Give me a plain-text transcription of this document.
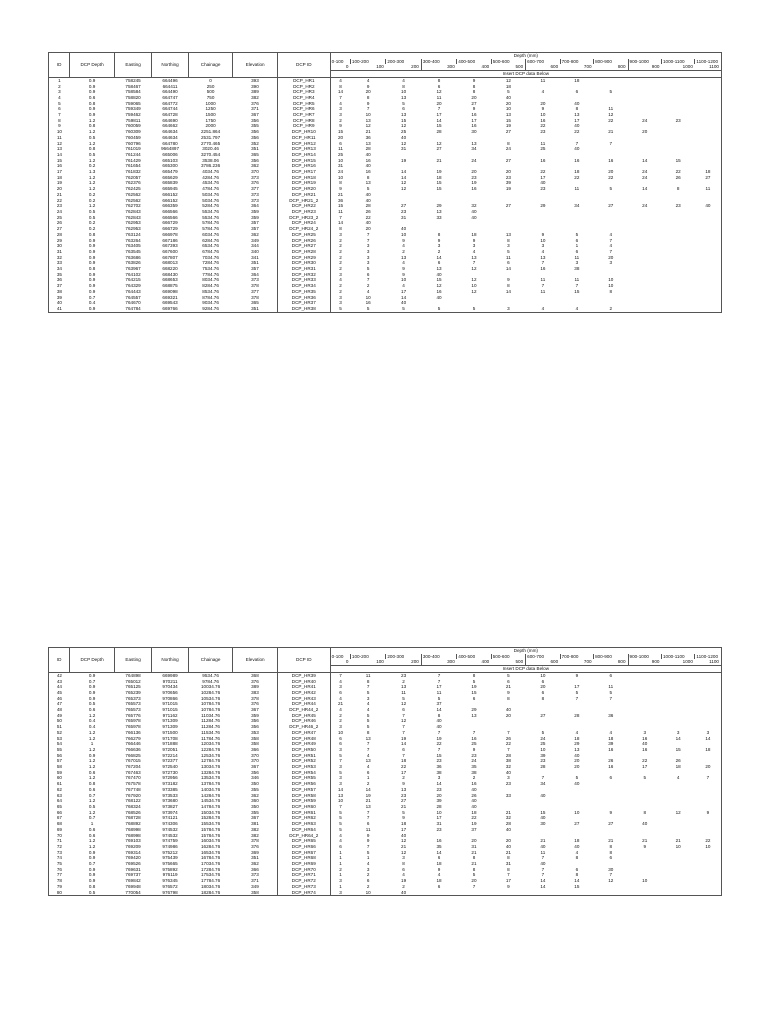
ID	DCP Depth	Easting	Northing	Chainage	Elevation	DCP ID	Depth (mm)											
							0-100	100-200	200-300	300-400	400-500	500-600	600-700	700-800	800-900	900-1000	1000-1100	1100-1200
							0	100	200	300	400	500	600	700	800	900	1000	1100
							Insert DCP data Below											
1	0.9	758245	664496	0	393	DCP_HR1	4	4	4	8	9	12	11	18				
2	0.9	758467	664411	250	390	DCP_HR2	8	9	8	6	8	18						
3	0.9	758584	664490	500	389	DCP_HR3	14	20	10	12	8	5	4	6	5			
4	0.6	758820	664747	750	382	DCP_HR4	7	8	13	11	20	40						
5	0.8	759065	664772	1000	376	DCP_HR5	4	9	5	20	27	20	20	40				
6	0.9	759349	664744	1250	371	DCP_HR6	3	7	6	7	9	10	9	8	11			
7	0.9	759462	664728	1500	367	DCP_HR7	3	10	13	17	16	13	10	13	12			
8	1.2	759811	664690	1750	356	DCP_HR8	2	13	15	14	17	15	16	17	22	24	23	
9	0.8	760059	664662	2000	355	DCP_HR9	9	12	12	15	16	19	22	40				
10	1.2	760309	664634	2251.864	356	DCP_HR10	15	21	25	28	30	27	23	22	21	20		
11	0.5	760459	664634	2531.797	356	DCP_HR11	20	36	40									
12	1.2	760796	664780	2770.465	352	DCP_HR12	6	13	12	12	13	8	11	7	7			
13	0.8	761019	9664897	3020.46	351	DCP_HR13	11	28	31	27	34	24	25	40				
14	0.5	761244	665006	3270.454	365	DCP_HR14	25	40										
15	1.2	761429	665103	3538.06	356	DCP_HR15	10	16	19	21	24	27	16	16	16	14	15	
16	0.2	761654	665300	3786.236	362	DCP_HR16	31	40										
17	1.3	761832	665479	4034.76	370	DCP_HR17	24	16	14	19	20	20	22	18	20	24	22	18
18	1.2	762057	665629	4284.76	373	DCP_HR18	10	8	14	18	23	23	17	22	22	24	26	27
19	1.2	762376	665839	4534.76	376	DCP_HR19	8	13	12	15	19	39	40					
20	1.2	762425	665945	4784.76	377	DCP_HR20	9	5	12	15	16	19	23	11	5	14	8	11
21	0.2	762562	666152	5034.76	373	DCP_HR21	21	40										
22	0.2	762562	666152	5034.76	373	DCP_HR21_2	36	40										
23	1.2	762702	666359	5284.76	364	DCP_HR22	15	28	27	29	32	27	29	34	27	24	23	40
24	0.5	762843	666566	5534.76	359	DCP_HR23	11	26	23	13	40							
25	0.5	762843	666566	5534.76	359	DCP_HR23_2	7	22	31	33	40							
26	0.2	762953	666729	5784.76	357	DCP_HR24	14	40										
27	0.2	762953	666729	5784.76	357	DCP_HR24_2	8	20	40									
28	0.8	763124	666978	6034.76	362	DCP_HR25	3	7	10	8	18	13	9	5	4			
29	0.9	763264	667186	6284.76	349	DCP_HR26	2	7	9	9	9	8	10	6	7			
30	0.9	763405	667393	6534.76	344	DCP_HR27	2	3	4	3	3	3	3	1	4			
31	0.9	763545	667600	6784.76	340	DCP_HR28	2	3	2	2	4	5	4	6	7			
32	0.9	763686	667807	7034.76	341	DCP_HR29	2	3	13	14	13	11	13	11	20			
33	0.9	763826	668013	7284.76	351	DCP_HR30	2	3	4	6	7	6	7	3	3			
34	0.8	763967	668220	7534.76	357	DCP_HR31	2	5	9	13	12	14	16	38				
35	0.9	764102	668430	7784.76	364	DCP_HR32	3	6	9	40								
36	0.9	764215	668653	8034.76	373	DCP_HR33	4	7	10	15	12	9	11	11	10			
37	0.9	764329	668875	8284.76	378	DCP_HR34	2	2	4	12	10	8	7	7	10			
38	0.9	764443	669098	8534.76	377	DCP_HR35	2	4	17	16	12	14	11	15	8			
39	0.7	764557	669321	8784.76	378	DCP_HR36	3	10	14	40								
40	0.4	764670	669543	9034.76	365	DCP_HR37	3	16	40									
41	0.9	764784	669766	9284.76	351	DCP_HR38	5	5	5	5	5	3	4	4	2			
ID	DCP Depth	Easting	Northing	Chainage	Elevation	DCP ID	Depth (mm)											
							0-100	100-200	200-300	300-400	400-500	500-600	600-700	700-800	800-900	900-1000	1000-1100	1100-1200
							0	100	200	300	400	500	600	700	800	900	1000	1100
							Insert DCP data Below											
42	0.9	764898	669989	9534.76	368	DCP_HR39	7	11	23	7	8	5	10	9	6			
43	0.7	765012	970211	9784.76	376	DCP_HR40	4	8	2	7	5	6	6					
44	0.9	765125	970434	10034.76	389	DCP_HR41	3	7	13	17	19	21	20	17	11			
45	0.9	765239	970656	10284.76	383	DCP_HR42	6	5	11	11	15	9	6	5	5			
46	0.9	765373	970866	10534.76	378	DCP_HR43	4	3	5	5	6	8	8	7	7			
47	0.5	765573	971015	10784.76	376	DCP_HR44	21	4	12	37								
48	0.6	765573	971015	10784.76	367	DCP_HR44_2	4	4	6	14	29	40						
49	1.2	765776	971162	11034.76	359	DCP_HR45	2	5	7	8	13	20	27	28	36			
50	0.4	765978	971309	11284.76	356	DCP_HR46	2	5	12	40								
51	0.4	765978	971309	11284.76	356	DCP_HR46_2	3	5	7	40								
52	1.2	766136	971500	11534.76	353	DCP_HR47	10	8	7	7	7	7	5	4	4	3	3	3
53	1.2	766279	971708	11784.76	358	DCP_HR48	6	13	19	19	16	26	24	18	18	16	14	14
54	1	766446	971888	12034.76	358	DCP_HR49	6	7	14	22	25	22	25	29	39	40		
55	1.2	766636	972051	12284.76	366	DCP_HR50	3	7	6	7	9	7	10	13	16	16	15	18
56	0.9	766825	972214	12534.76	370	DCP_HR51	5	4	7	15	23	28	39	40				
57	1.2	767015	972377	12784.76	370	DCP_HR52	7	13	18	23	24	38	23	20	26	22	26	
58	1.2	767204	972540	13034.76	367	DCP_HR53	3	4	22	36	35	32	28	20	16	17	18	20
59	0.6	767463	972730	13284.76	356	DCP_HR54	5	6	17	38	38	40						
60	1.2	767470	972956	13534.76	346	DCP_HR55	3	1	2	3	2	3	7	5	6	5	4	7
61	0.8	767578	973182	13784.76	350	DCP_HR56	3	2	9	14	16	23	34	40				
62	0.6	767748	973385	14034.76	355	DCP_HR57	14	14	13	23	40							
63	0.7	767920	973533	14284.76	362	DCP_HR58	13	19	23	20	26	33	40					
64	1.2	768122	973680	14534.76	360	DCP_HR59	10	21	27	39	40							
65	0.5	768324	973827	14784.76	350	DCP_HR60	7	13	21	28	40							
66	1.2	768526	973974	15034.76	355	DCP_HR61	5	7	5	10	18	21	15	10	9	8	12	9
67	0.7	768728	974121	15284.76	367	DCP_HR62	5	7	9	17	22	32	40					
68	1	768892	974306	15534.76	381	DCP_HR63	5	6	18	31	19	28	30	27	27	40		
69	0.6	768998	974532	15784.76	382	DCP_HR64	5	11	17	23	37	40						
70	0.6	768998	974532	15784.76	382	DCP_HR64_2	4	9	40									
71	1.2	769103	974759	16034.76	378	DCP_HR65	4	9	12	16	20	20	21	18	21	21	21	22
72	1.2	769209	974986	16284.76	376	DCP_HR66	6	7	21	35	31	40	40	40	8	9	10	10
73	0.9	769314	975212	16534.76	369	DCP_HR67	1	5	12	14	21	21	11	4	8			
74	0.9	769420	975439	16784.76	351	DCP_HR68	1	1	3	6	8	8	7	8	6			
75	0.7	769526	975665	17034.76	362	DCP_HR69	1	4	8	18	21	31	40					
76	0.9	769631	975892	17284.76	366	DCP_HR70	2	3	6	9	8	8	7	6	30			
77	0.9	769737	976119	17534.76	373	DCP_HR71	1	2	4	4	5	7	7	8	7			
78	0.9	769842	976345	17784.76	371	DCP_HR72	3	6	19	18	20	17	14	14	12	10		
79	0.8	769948	976572	18034.76	349	DCP_HR73	1	2	2	6	7	9	14	15				
80	0.5	770054	976798	18284.76	358	DCP_HR74	3	10	40									
